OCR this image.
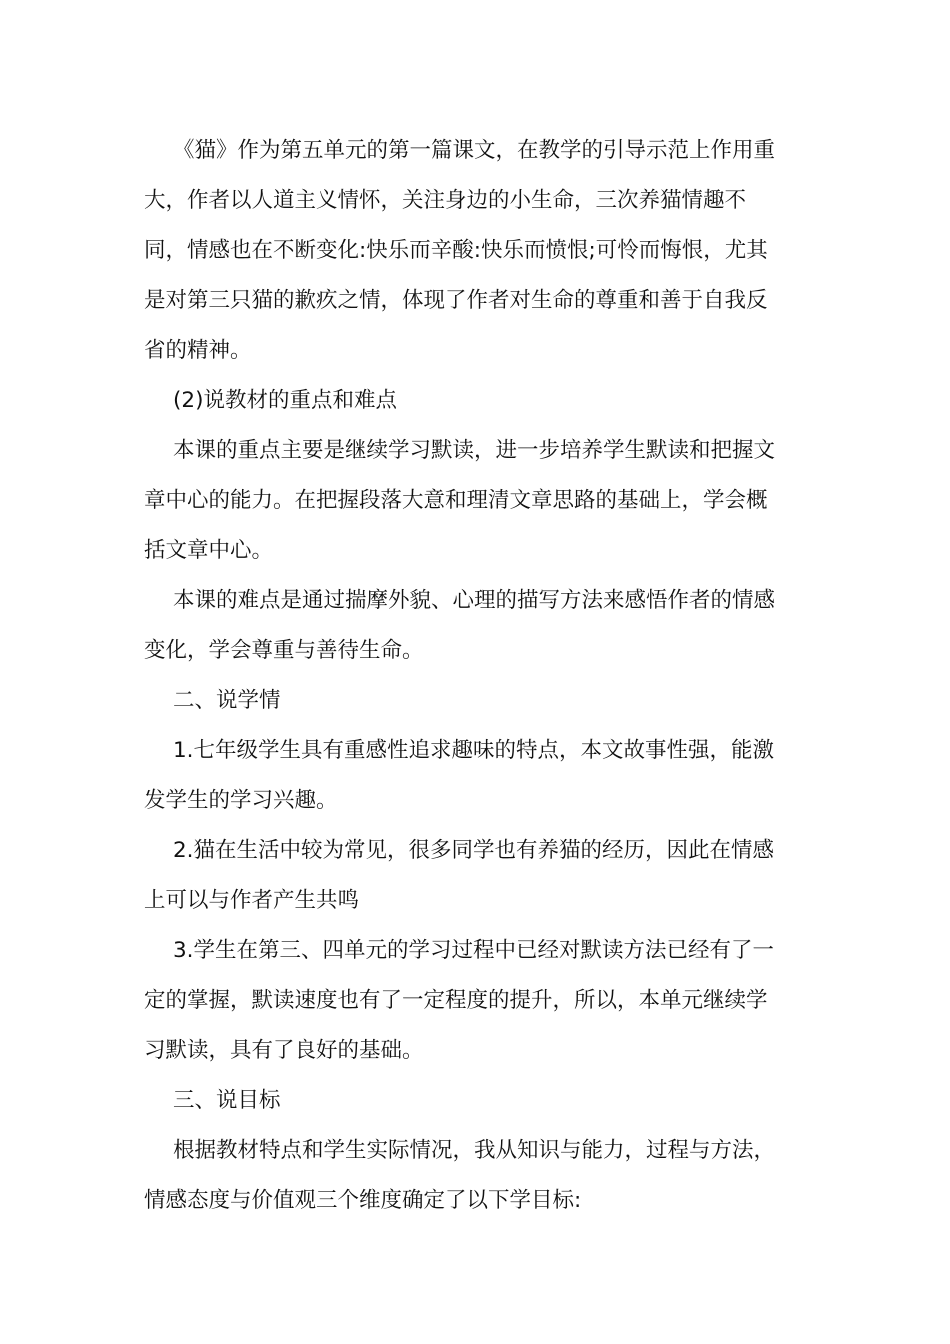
《猫》作为第五单元的第一篇课文，在教学的引导示范上作用重
大，作者以人道主义情怀，关注身边的小生命，三次养猫情趣不
同，情感也在不断变化:快乐而辛酸:快乐而愤恨;可怜而悔恨，尤其
是对第三只猫的歉疚之情，体现了作者对生命的尊重和善于自我反
省的精神。

(2)说教材的重点和难点

本课的重点主要是继续学习默读，进一步培养学生默读和把握文
章中心的能力。在把握段落大意和理清文章思路的基础上，学会概
括文章中心。

本课的难点是通过揣摩外貌、心理的描写方法来感悟作者的情感
变化，学会尊重与善待生命。

二、说学情

1.七年级学生具有重感性追求趣味的特点，本文故事性强，能激
发学生的学习兴趣。

2.猫在生活中较为常见，很多同学也有养猫的经历，因此在情感
上可以与作者产生共鸣

3.学生在第三、四单元的学习过程中已经对默读方法已经有了一
定的掌握，默读速度也有了一定程度的提升，所以，本单元继续学
习默读，具有了良好的基础。

三、说目标

根据教材特点和学生实际情况，我从知识与能力，过程与方法，
情感态度与价值观三个维度确定了以下学目标:
